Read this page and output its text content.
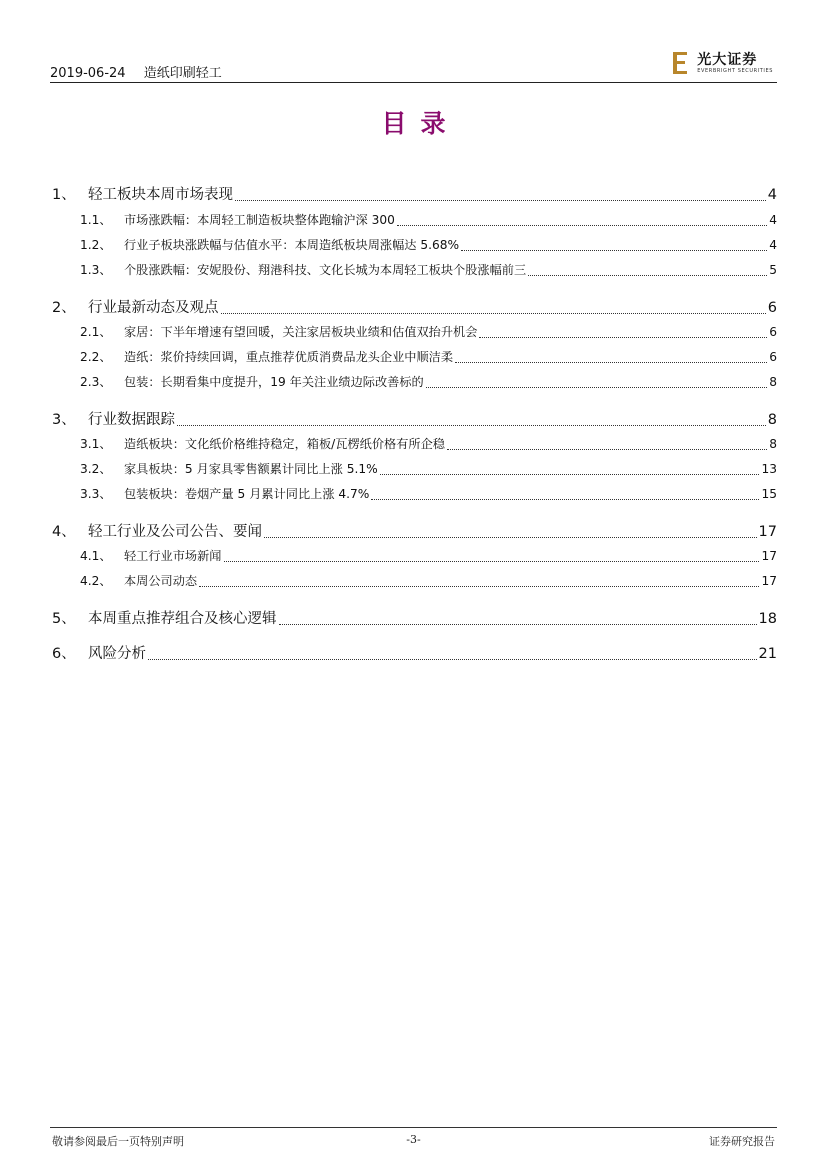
2019-06-24 造纸印刷轻工
光大证券
EVERBRIGHT SECURITIES
目录
1、 轻工板块本周市场表现	4
1.1、	市场涨跌幅：本周轻工制造板块整体跑输沪深 300	4
1.2、	行业子板块涨跌幅与估值水平：本周造纸板块周涨幅达 5.68%	4
1.3、	个股涨跌幅：安妮股份、翔港科技、文化长城为本周轻工板块个股涨幅前三	5
2、 行业最新动态及观点	6
2.1、	家居：下半年增速有望回暖，关注家居板块业绩和估值双抬升机会	6
2.2、	造纸：浆价持续回调，重点推荐优质消费品龙头企业中顺洁柔	6
2.3、	包装：长期看集中度提升，19 年关注业绩边际改善标的	8
3、 行业数据跟踪	8
3.1、	造纸板块：文化纸价格维持稳定，箱板/瓦楞纸价格有所企稳	8
3.2、	家具板块：5 月家具零售额累计同比上涨 5.1%	13
3.3、	包装板块：卷烟产量 5 月累计同比上涨 4.7%	15
4、 轻工行业及公司公告、要闻	17
4.1、	轻工行业市场新闻	17
4.2、	本周公司动态	17
5、 本周重点推荐组合及核心逻辑	18
6、 风险分析	21
敬请参阅最后一页特别声明	-3-	证券研究报告
